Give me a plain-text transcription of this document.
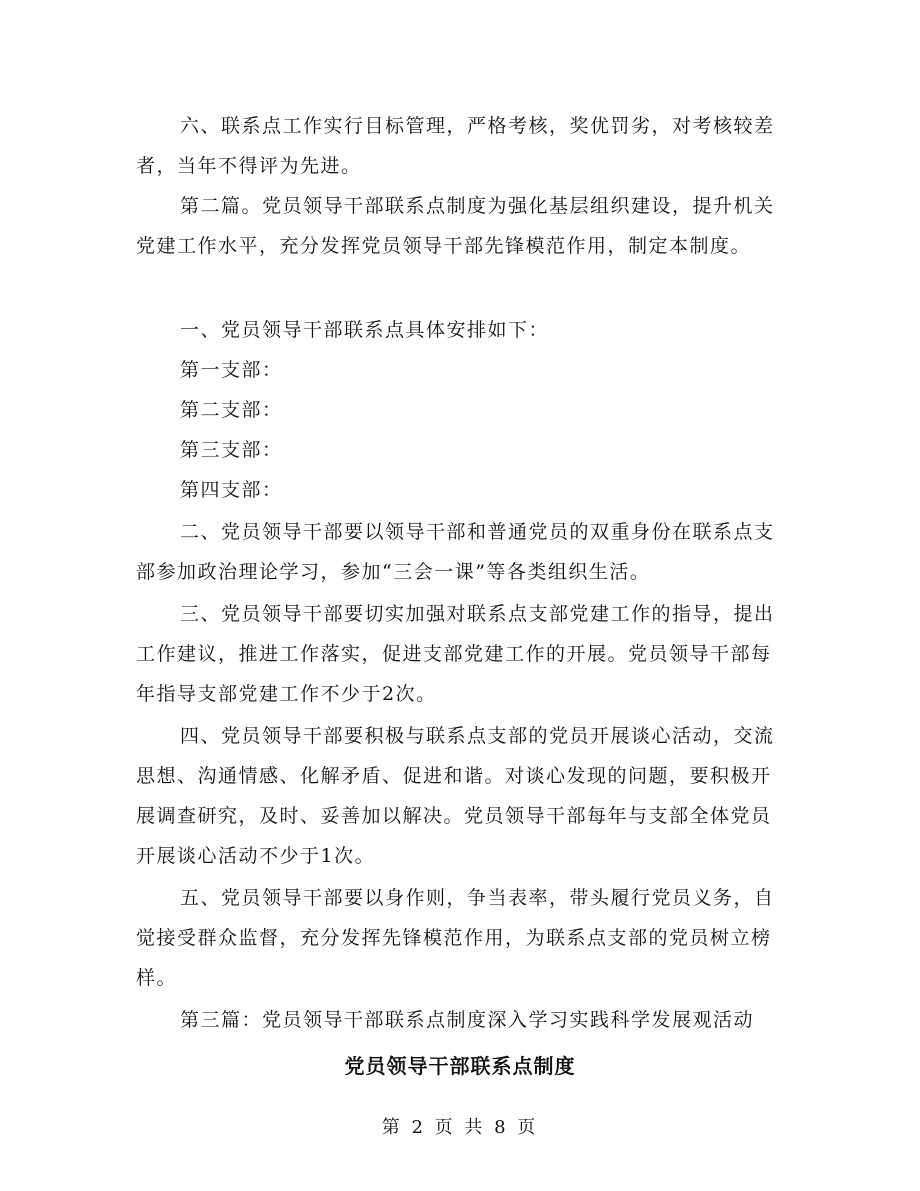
六、联系点工作实行目标管理，严格考核，奖优罚劣，对考核较差者，当年不得评为先进。

第二篇。党员领导干部联系点制度为强化基层组织建设，提升机关党建工作水平，充分发挥党员领导干部先锋模范作用，制定本制度。

一、党员领导干部联系点具体安排如下：

第一支部：

第二支部：

第三支部：

第四支部：

二、党员领导干部要以领导干部和普通党员的双重身份在联系点支部参加政治理论学习，参加“三会一课”等各类组织生活。

三、党员领导干部要切实加强对联系点支部党建工作的指导，提出工作建议，推进工作落实，促进支部党建工作的开展。党员领导干部每年指导支部党建工作不少于2次。

四、党员领导干部要积极与联系点支部的党员开展谈心活动，交流思想、沟通情感、化解矛盾、促进和谐。对谈心发现的问题，要积极开展调查研究，及时、妥善加以解决。党员领导干部每年与支部全体党员开展谈心活动不少于1次。

五、党员领导干部要以身作则，争当表率，带头履行党员义务，自觉接受群众监督，充分发挥先锋模范作用，为联系点支部的党员树立榜样。

第三篇：党员领导干部联系点制度深入学习实践科学发展观活动

党员领导干部联系点制度
第 2 页 共 8 页
